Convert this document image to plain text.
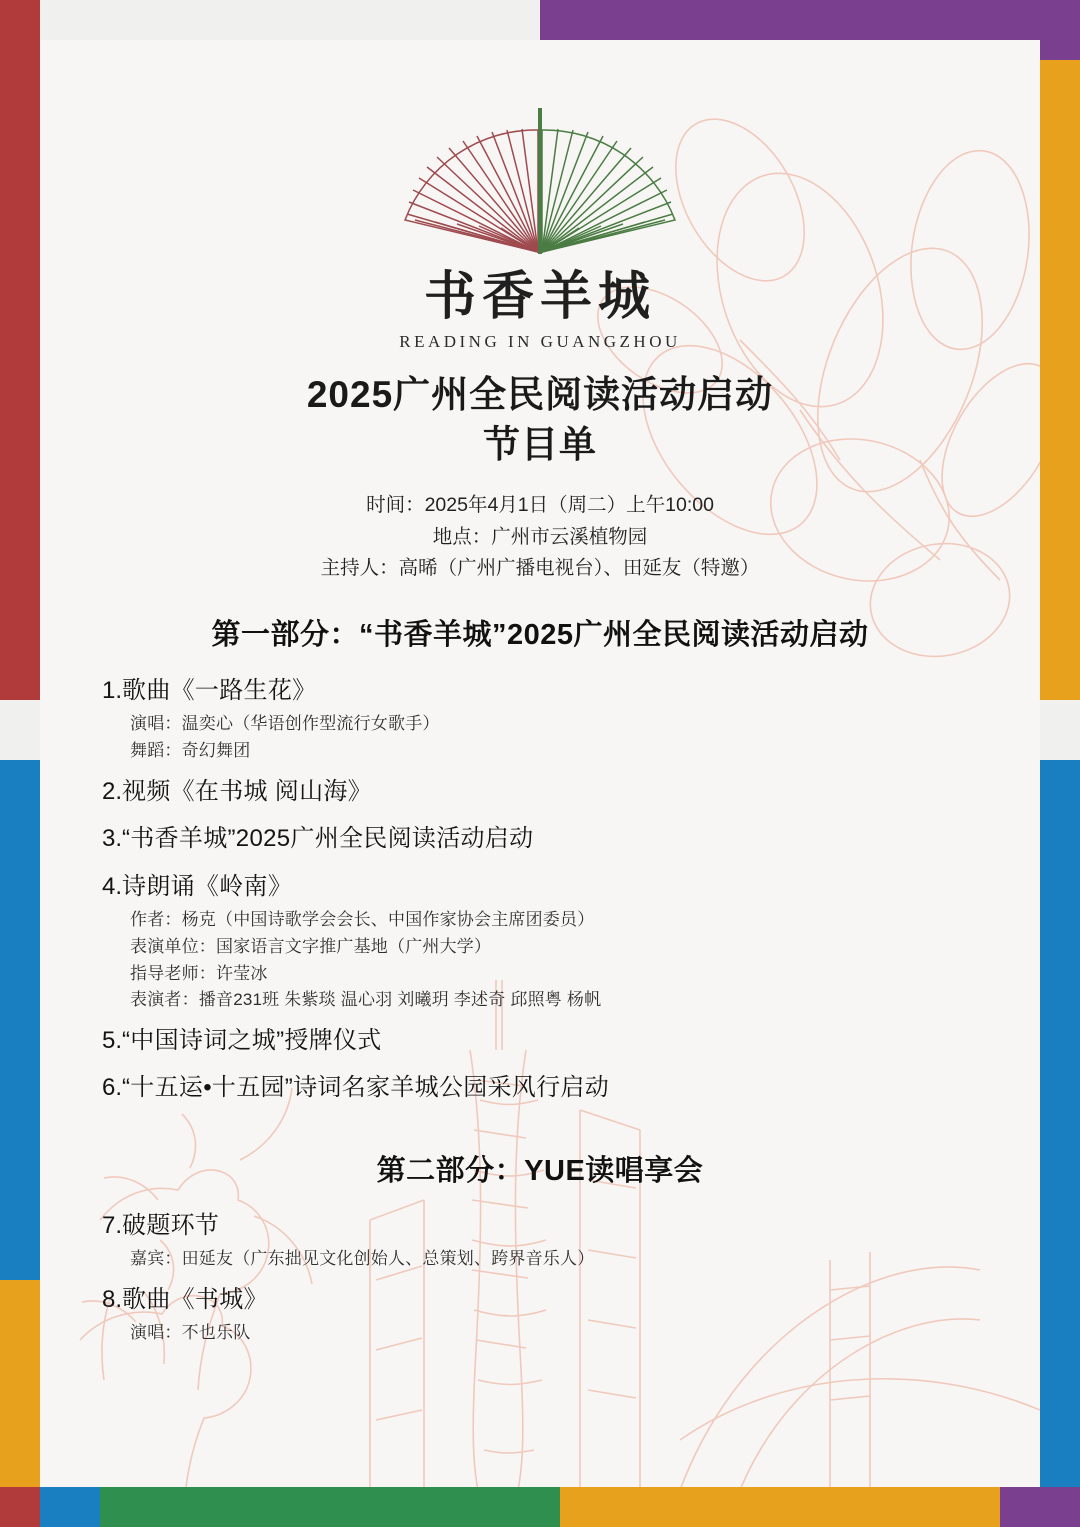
书香羊城
READING IN GUANGZHOU
2025广州全民阅读活动启动
节目单
时间：2025年4月1日（周二）上午10:00
地点：广州市云溪植物园
主持人：高晞（广州广播电视台）、田延友（特邀）
第一部分：“书香羊城”2025广州全民阅读活动启动
1.歌曲《一路生花》
演唱：温奕心（华语创作型流行女歌手）
舞蹈：奇幻舞团
2.视频《在书城 阅山海》
3.“书香羊城”2025广州全民阅读活动启动
4.诗朗诵《岭南》
作者：杨克（中国诗歌学会会长、中国作家协会主席团委员）
表演单位：国家语言文字推广基地（广州大学）
指导老师：许莹冰
表演者：播音231班 朱紫琰 温心羽 刘曦玥 李述奇 邱照粤 杨帆
5.“中国诗词之城”授牌仪式
6.“十五运•十五园”诗词名家羊城公园采风行启动
第二部分：YUE读唱享会
7.破题环节
嘉宾：田延友（广东拙见文化创始人、总策划、跨界音乐人）
8.歌曲《书城》
演唱：不也乐队
